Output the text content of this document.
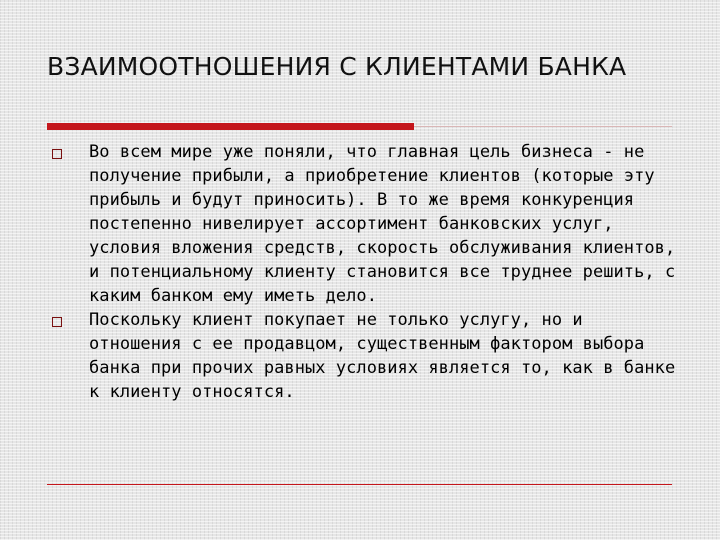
ВЗАИМООТНОШЕНИЯ С КЛИЕНТАМИ БАНКА
Во всем мире уже поняли, что главная цель бизнеса - не получение прибыли, а приобретение клиентов (которые эту прибыль и будут приносить). В то же время конкуренция постепенно нивелирует ассортимент банковских услуг, условия вложения средств, скорость обслуживания клиентов, и потенциальному клиенту становится все труднее решить, с каким банком ему иметь дело.
Поскольку клиент покупает не только услугу, но и отношения с ее продавцом, существенным фактором выбора банка при прочих равных условиях является то, как в банке к клиенту относятся.
